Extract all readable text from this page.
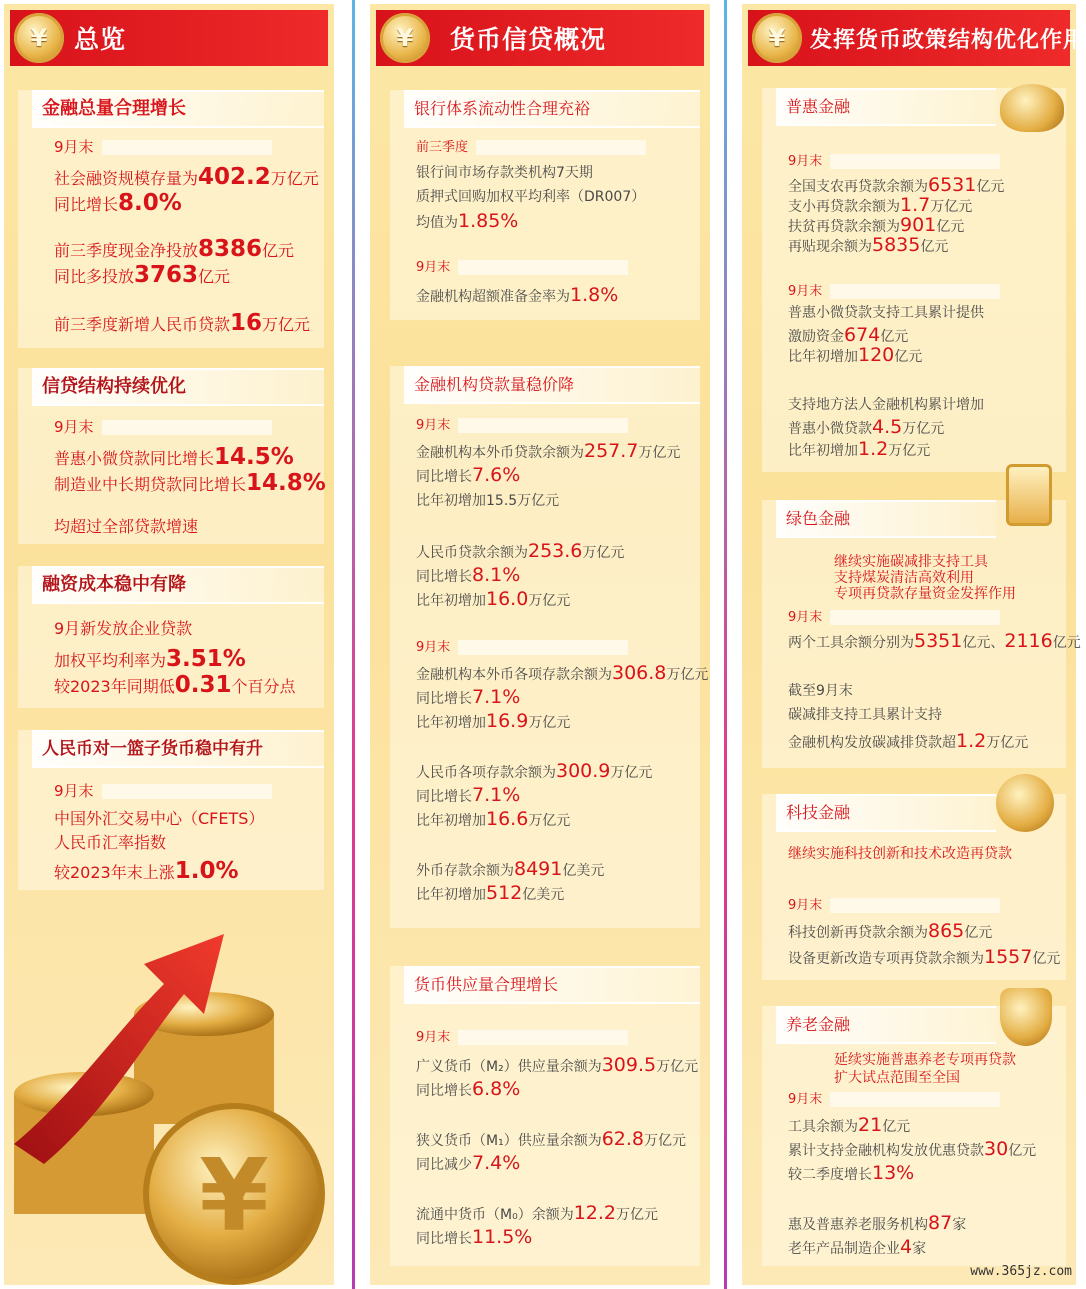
¥	总览
金融总量合理增长
9月末
社会融资规模存量为402.2万亿元
同比增长8.0%
前三季度现金净投放8386亿元
同比多投放3763亿元
前三季度新增人民币贷款16万亿元
信贷结构持续优化
9月末
普惠小微贷款同比增长14.5%
制造业中长期贷款同比增长14.8%
均超过全部贷款增速
融资成本稳中有降
9月新发放企业贷款
加权平均利率为3.51%
较2023年同期低0.31个百分点
人民币对一篮子货币稳中有升
9月末
中国外汇交易中心（CFETS）
人民币汇率指数
较2023年末上涨1.0%
¥
¥	货币信贷概况
银行体系流动性合理充裕
前三季度
银行间市场存款类机构7天期
质押式回购加权平均利率（DR007）
均值为1.85%
9月末
金融机构超额准备金率为1.8%
金融机构贷款量稳价降
9月末
金融机构本外币贷款余额为257.7万亿元
同比增长7.6%
比年初增加15.5万亿元
人民币贷款余额为253.6万亿元
同比增长8.1%
比年初增加16.0万亿元
9月末
金融机构本外币各项存款余额为306.8万亿元
同比增长7.1%
比年初增加16.9万亿元
人民币各项存款余额为300.9万亿元
同比增长7.1%
比年初增加16.6万亿元
外币存款余额为8491亿美元
比年初增加512亿美元
货币供应量合理增长
9月末
广义货币（M₂）供应量余额为309.5万亿元
同比增长6.8%
狭义货币（M₁）供应量余额为62.8万亿元
同比减少7.4%
流通中货币（M₀）余额为12.2万亿元
同比增长11.5%
¥	发挥货币政策结构优化作用
普惠金融
9月末
全国支农再贷款余额为6531亿元
支小再贷款余额为1.7万亿元
扶贫再贷款余额为901亿元
再贴现余额为5835亿元
9月末
普惠小微贷款支持工具累计提供
激励资金674亿元
比年初增加120亿元
支持地方法人金融机构累计增加
普惠小微贷款4.5万亿元
比年初增加1.2万亿元
绿色金融
继续实施碳减排支持工具
支持煤炭清洁高效利用
专项再贷款存量资金发挥作用
9月末
两个工具余额分别为5351亿元、2116亿元
截至9月末
碳减排支持工具累计支持
金融机构发放碳减排贷款超1.2万亿元
科技金融
继续实施科技创新和技术改造再贷款
9月末
科技创新再贷款余额为865亿元
设备更新改造专项再贷款余额为1557亿元
养老金融
延续实施普惠养老专项再贷款
扩大试点范围至全国
9月末
工具余额为21亿元
累计支持金融机构发放优惠贷款30亿元
较二季度增长13%
惠及普惠养老服务机构87家
老年产品制造企业4家
www.365jz.com
